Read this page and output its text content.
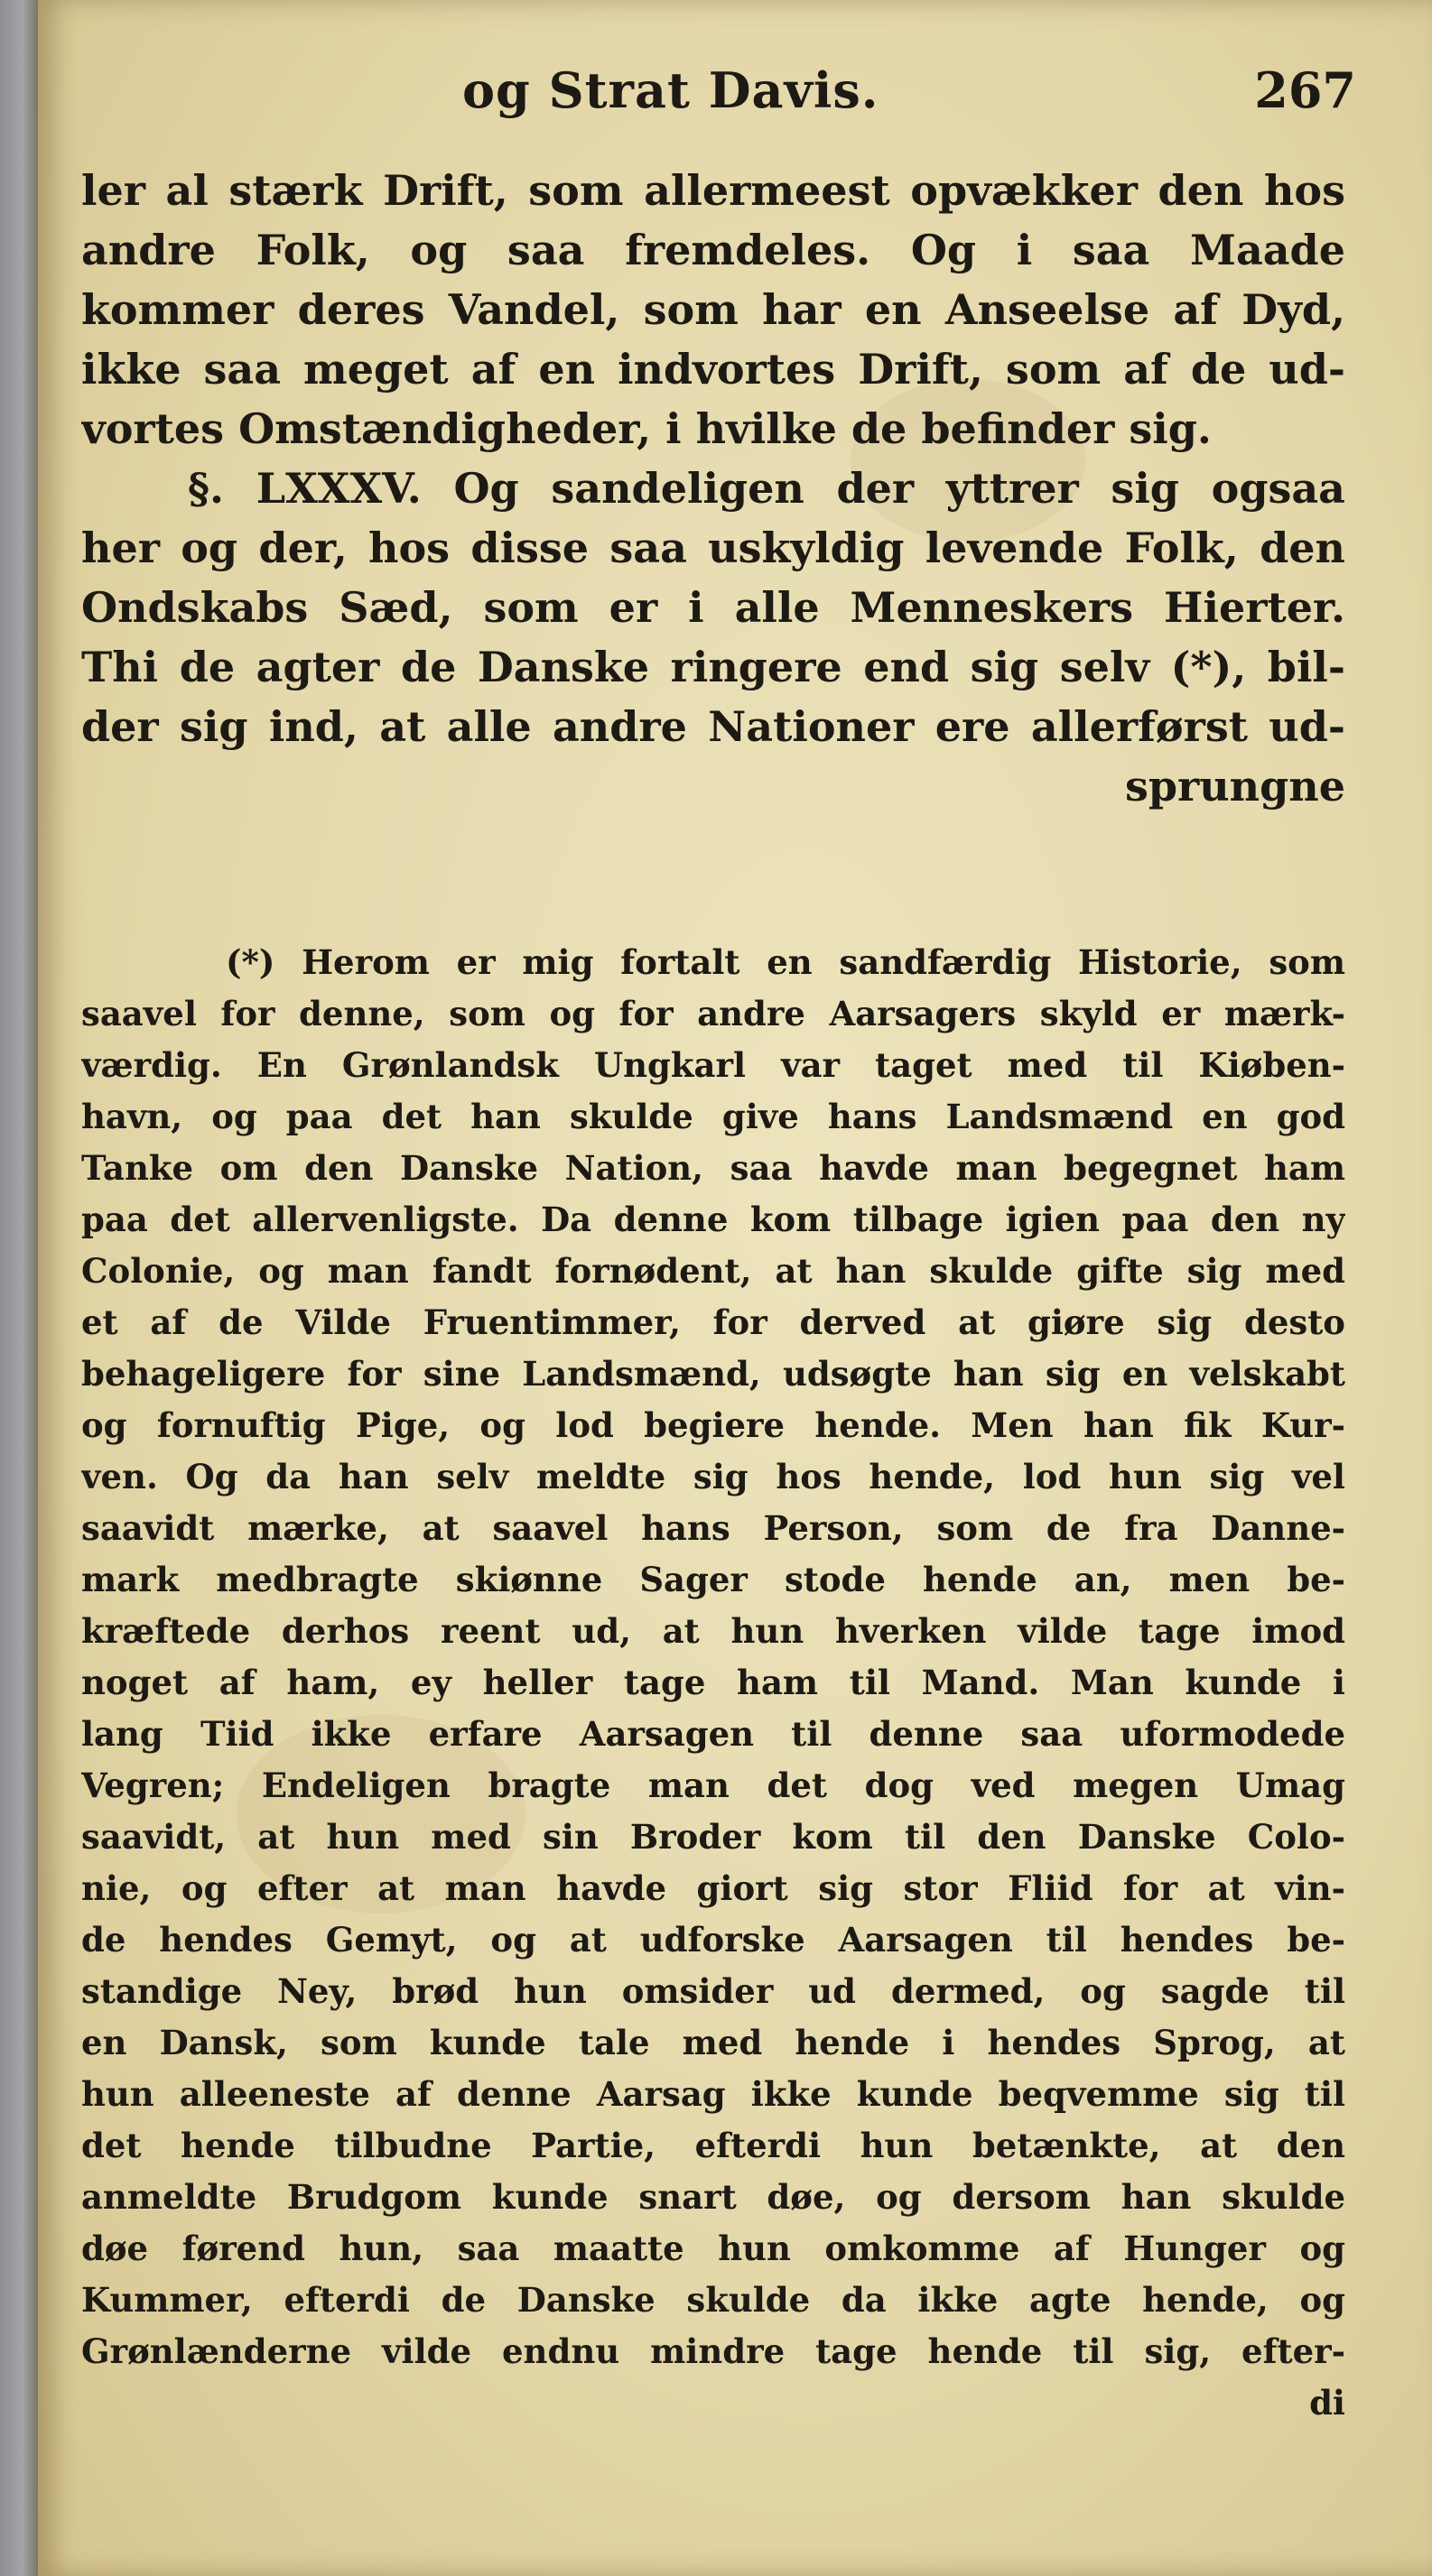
og Strat Davis.	267
ler al stærk Drift, som allermeest opvækker den hos
andre Folk, og saa fremdeles. Og i saa Maade
kommer deres Vandel, som har en Anseelse af Dyd,
ikke saa meget af en indvortes Drift, som af de ud-
vortes Omstændigheder, i hvilke de befinder sig.
§. LXXXV. Og sandeligen der yttrer sig ogsaa
her og der, hos disse saa uskyldig levende Folk, den
Ondskabs Sæd, som er i alle Menneskers Hierter.
Thi de agter de Danske ringere end sig selv (*), bil-
der sig ind, at alle andre Nationer ere allerførst ud-
sprungne
(*) Herom er mig fortalt en sandfærdig Historie, som
saavel for denne, som og for andre Aarsagers skyld er mærk-
værdig. En Grønlandsk Ungkarl var taget med til Kiøben-
havn, og paa det han skulde give hans Landsmænd en god
Tanke om den Danske Nation, saa havde man begegnet ham
paa det allervenligste. Da denne kom tilbage igien paa den ny
Colonie, og man fandt fornødent, at han skulde gifte sig med
et af de Vilde Fruentimmer, for derved at giøre sig desto
behageligere for sine Landsmænd, udsøgte han sig en velskabt
og fornuftig Pige, og lod begiere hende. Men han fik Kur-
ven. Og da han selv meldte sig hos hende, lod hun sig vel
saavidt mærke, at saavel hans Person, som de fra Danne-
mark medbragte skiønne Sager stode hende an, men be-
kræftede derhos reent ud, at hun hverken vilde tage imod
noget af ham, ey heller tage ham til Mand. Man kunde i
lang Tiid ikke erfare Aarsagen til denne saa uformodede
Vegren; Endeligen bragte man det dog ved megen Umag
saavidt, at hun med sin Broder kom til den Danske Colo-
nie, og efter at man havde giort sig stor Fliid for at vin-
de hendes Gemyt, og at udforske Aarsagen til hendes be-
standige Ney, brød hun omsider ud dermed, og sagde til
en Dansk, som kunde tale med hende i hendes Sprog, at
hun alleeneste af denne Aarsag ikke kunde beqvemme sig til
det hende tilbudne Partie, efterdi hun betænkte, at den
anmeldte Brudgom kunde snart døe, og dersom han skulde
døe førend hun, saa maatte hun omkomme af Hunger og
Kummer, efterdi de Danske skulde da ikke agte hende, og
Grønlænderne vilde endnu mindre tage hende til sig, efter-
di
